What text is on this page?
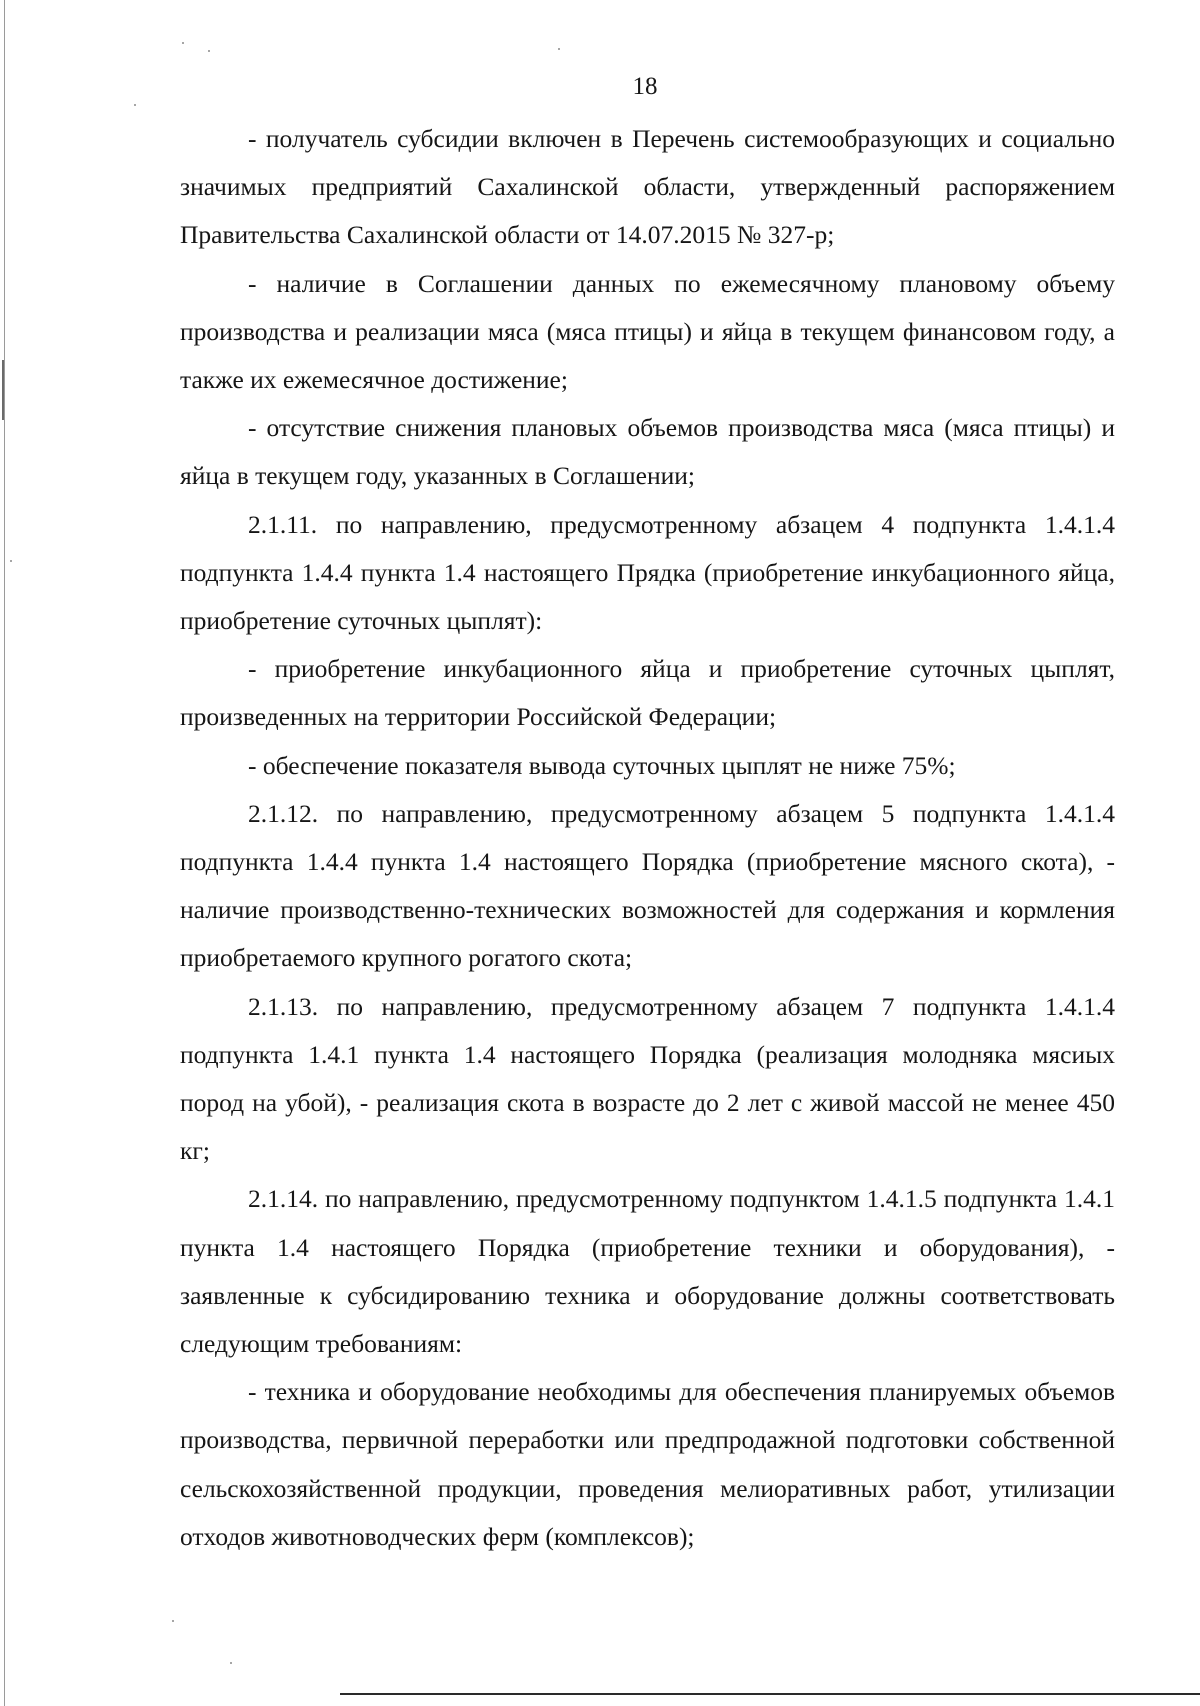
18

- получатель субсидии включен в Перечень системообразующих и социально значимых предприятий Сахалинской области, утвержденный распоряжением Правительства Сахалинской области от 14.07.2015 № 327-р;

- наличие в Соглашении данных по ежемесячному плановому объему производства и реализации мяса (мяса птицы) и яйца в текущем финансовом году, а также их ежемесячное достижение;

- отсутствие снижения плановых объемов производства мяса (мяса птицы) и яйца в текущем году, указанных в Соглашении;

2.1.11. по направлению, предусмотренному абзацем 4 подпункта 1.4.1.4 подпункта 1.4.4 пункта 1.4 настоящего Прядка (приобретение инкубационного яйца, приобретение суточных цыплят):

- приобретение инкубационного яйца и приобретение суточных цыплят, произведенных на территории Российской Федерации;

- обеспечение показателя вывода суточных цыплят не ниже 75%;

2.1.12. по направлению, предусмотренному абзацем 5 подпункта 1.4.1.4 подпункта 1.4.4 пункта 1.4 настоящего Порядка (приобретение мясного скота), - наличие производственно-технических возможностей для содержания и кормления приобретаемого крупного рогатого скота;

2.1.13. по направлению, предусмотренному абзацем 7 подпункта 1.4.1.4 подпункта 1.4.1 пункта 1.4 настоящего Порядка (реализация молодняка мясиых пород на убой), - реализация скота в возрасте до 2 лет с живой массой не менее 450 кг;

2.1.14. по направлению, предусмотренному подпунктом 1.4.1.5 подпункта 1.4.1 пункта 1.4 настоящего Порядка (приобретение техники и оборудования), - заявленные к субсидированию техника и оборудование должны соответствовать следующим требованиям:

- техника и оборудование необходимы для обеспечения планируемых объемов производства, первичной переработки или предпродажной подготовки собственной сельскохозяйственной продукции, проведения мелиоративных работ, утилизации отходов животноводческих ферм (комплексов);
